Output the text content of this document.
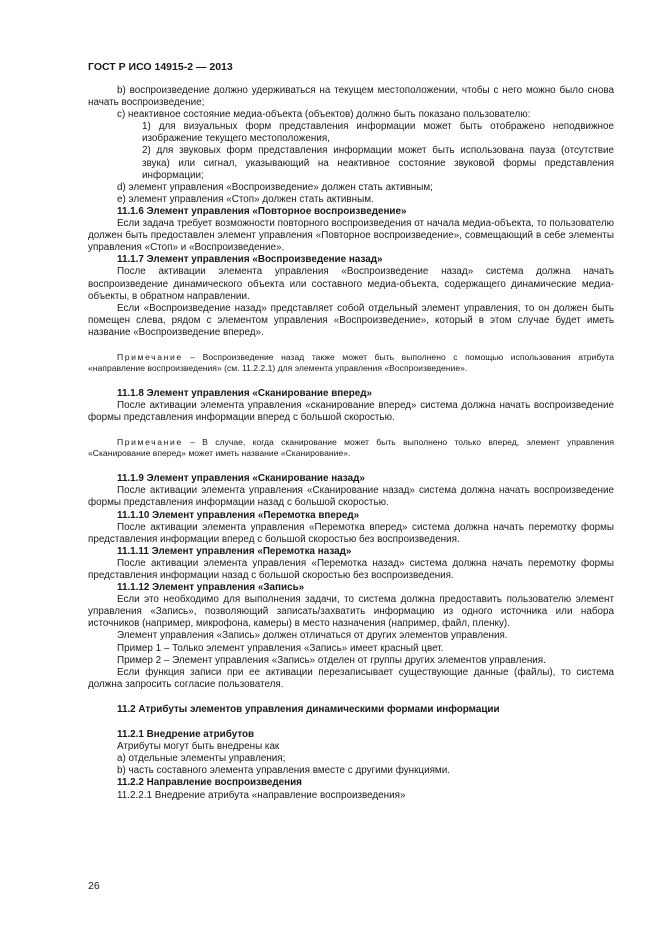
ГОСТ Р ИСО 14915-2 — 2013

b) воспроизведение должно удерживаться на текущем местоположении, чтобы с него можно было снова начать воспроизведение;

c) неактивное состояние медиа-объекта (объектов) должно быть показано пользователю:

1) для визуальных форм представления информации может быть отображено неподвижное изображение текущего местоположения,

2) для звуковых форм представления информации может быть использована пауза (отсутствие звука) или сигнал, указывающий на неактивное состояние звуковой формы представления информации;

d) элемент управления «Воспроизведение» должен стать активным;

e) элемент управления «Стоп» должен стать активным.

11.1.6 Элемент управления «Повторное воспроизведение»

Если задача требует возможности повторного воспроизведения от начала медиа-объекта, то пользователю должен быть предоставлен элемент управления «Повторное воспроизведение», совмещающий в себе элементы управления «Стоп» и «Воспроизведение».

11.1.7 Элемент управления «Воспроизведение назад»

После активации элемента управления «Воспроизведение назад» система должна начать воспроизведение динамического объекта или составного медиа-объекта, содержащего динамические медиа-объекты, в обратном направлении.

Если «Воспроизведение назад» представляет собой отдельный элемент управления, то он должен быть помещен слева, рядом с элементом управления «Воспроизведение», который в этом случае будет иметь название «Воспроизведение вперед».

Примечание – Воспроизведение назад также может быть выполнено с помощью использования атрибута «направление воспроизведения» (см. 11.2.2.1) для элемента управления «Воспроизведение».

11.1.8 Элемент управления «Сканирование вперед»

После активации элемента управления «сканирование вперед» система должна начать воспроизведение формы представления информации вперед с большой скоростью.

Примечание – В случае, когда сканирование может быть выполнено только вперед, элемент управления «Сканирование вперед» может иметь название «Сканирование».

11.1.9 Элемент управления «Сканирование назад»

После активации элемента управления «Сканирование назад» система должна начать воспроизведение формы представления информации назад с большой скоростью.

11.1.10 Элемент управления «Перемотка вперед»

После активации элемента управления «Перемотка вперед» система должна начать перемотку формы представления информации вперед с большой скоростью без воспроизведения.

11.1.11 Элемент управления «Перемотка назад»

После активации элемента управления «Перемотка назад» система должна начать перемотку формы представления информации назад с большой скоростью без воспроизведения.

11.1.12 Элемент управления «Запись»

Если это необходимо для выполнения задачи, то система должна предоставить пользователю элемент управления «Запись», позволяющий записать/захватить информацию из одного источника или набора источников (например, микрофона, камеры) в место назначения (например, файл, пленку).

Элемент управления «Запись» должен отличаться от других элементов управления.

Пример 1 – Только элемент управления «Запись» имеет красный цвет.

Пример 2 – Элемент управления «Запись» отделен от группы других элементов управления.

Если функция записи при ее активации перезаписывает существующие данные (файлы), то система должна запросить согласие пользователя.

11.2 Атрибуты элементов управления динамическими формами информации

11.2.1 Внедрение атрибутов

Атрибуты могут быть внедрены как

а) отдельные элементы управления;

b) часть составного элемента управления вместе с другими функциями.

11.2.2 Направление воспроизведения

11.2.2.1 Внедрение атрибута «направление воспроизведения»

26
